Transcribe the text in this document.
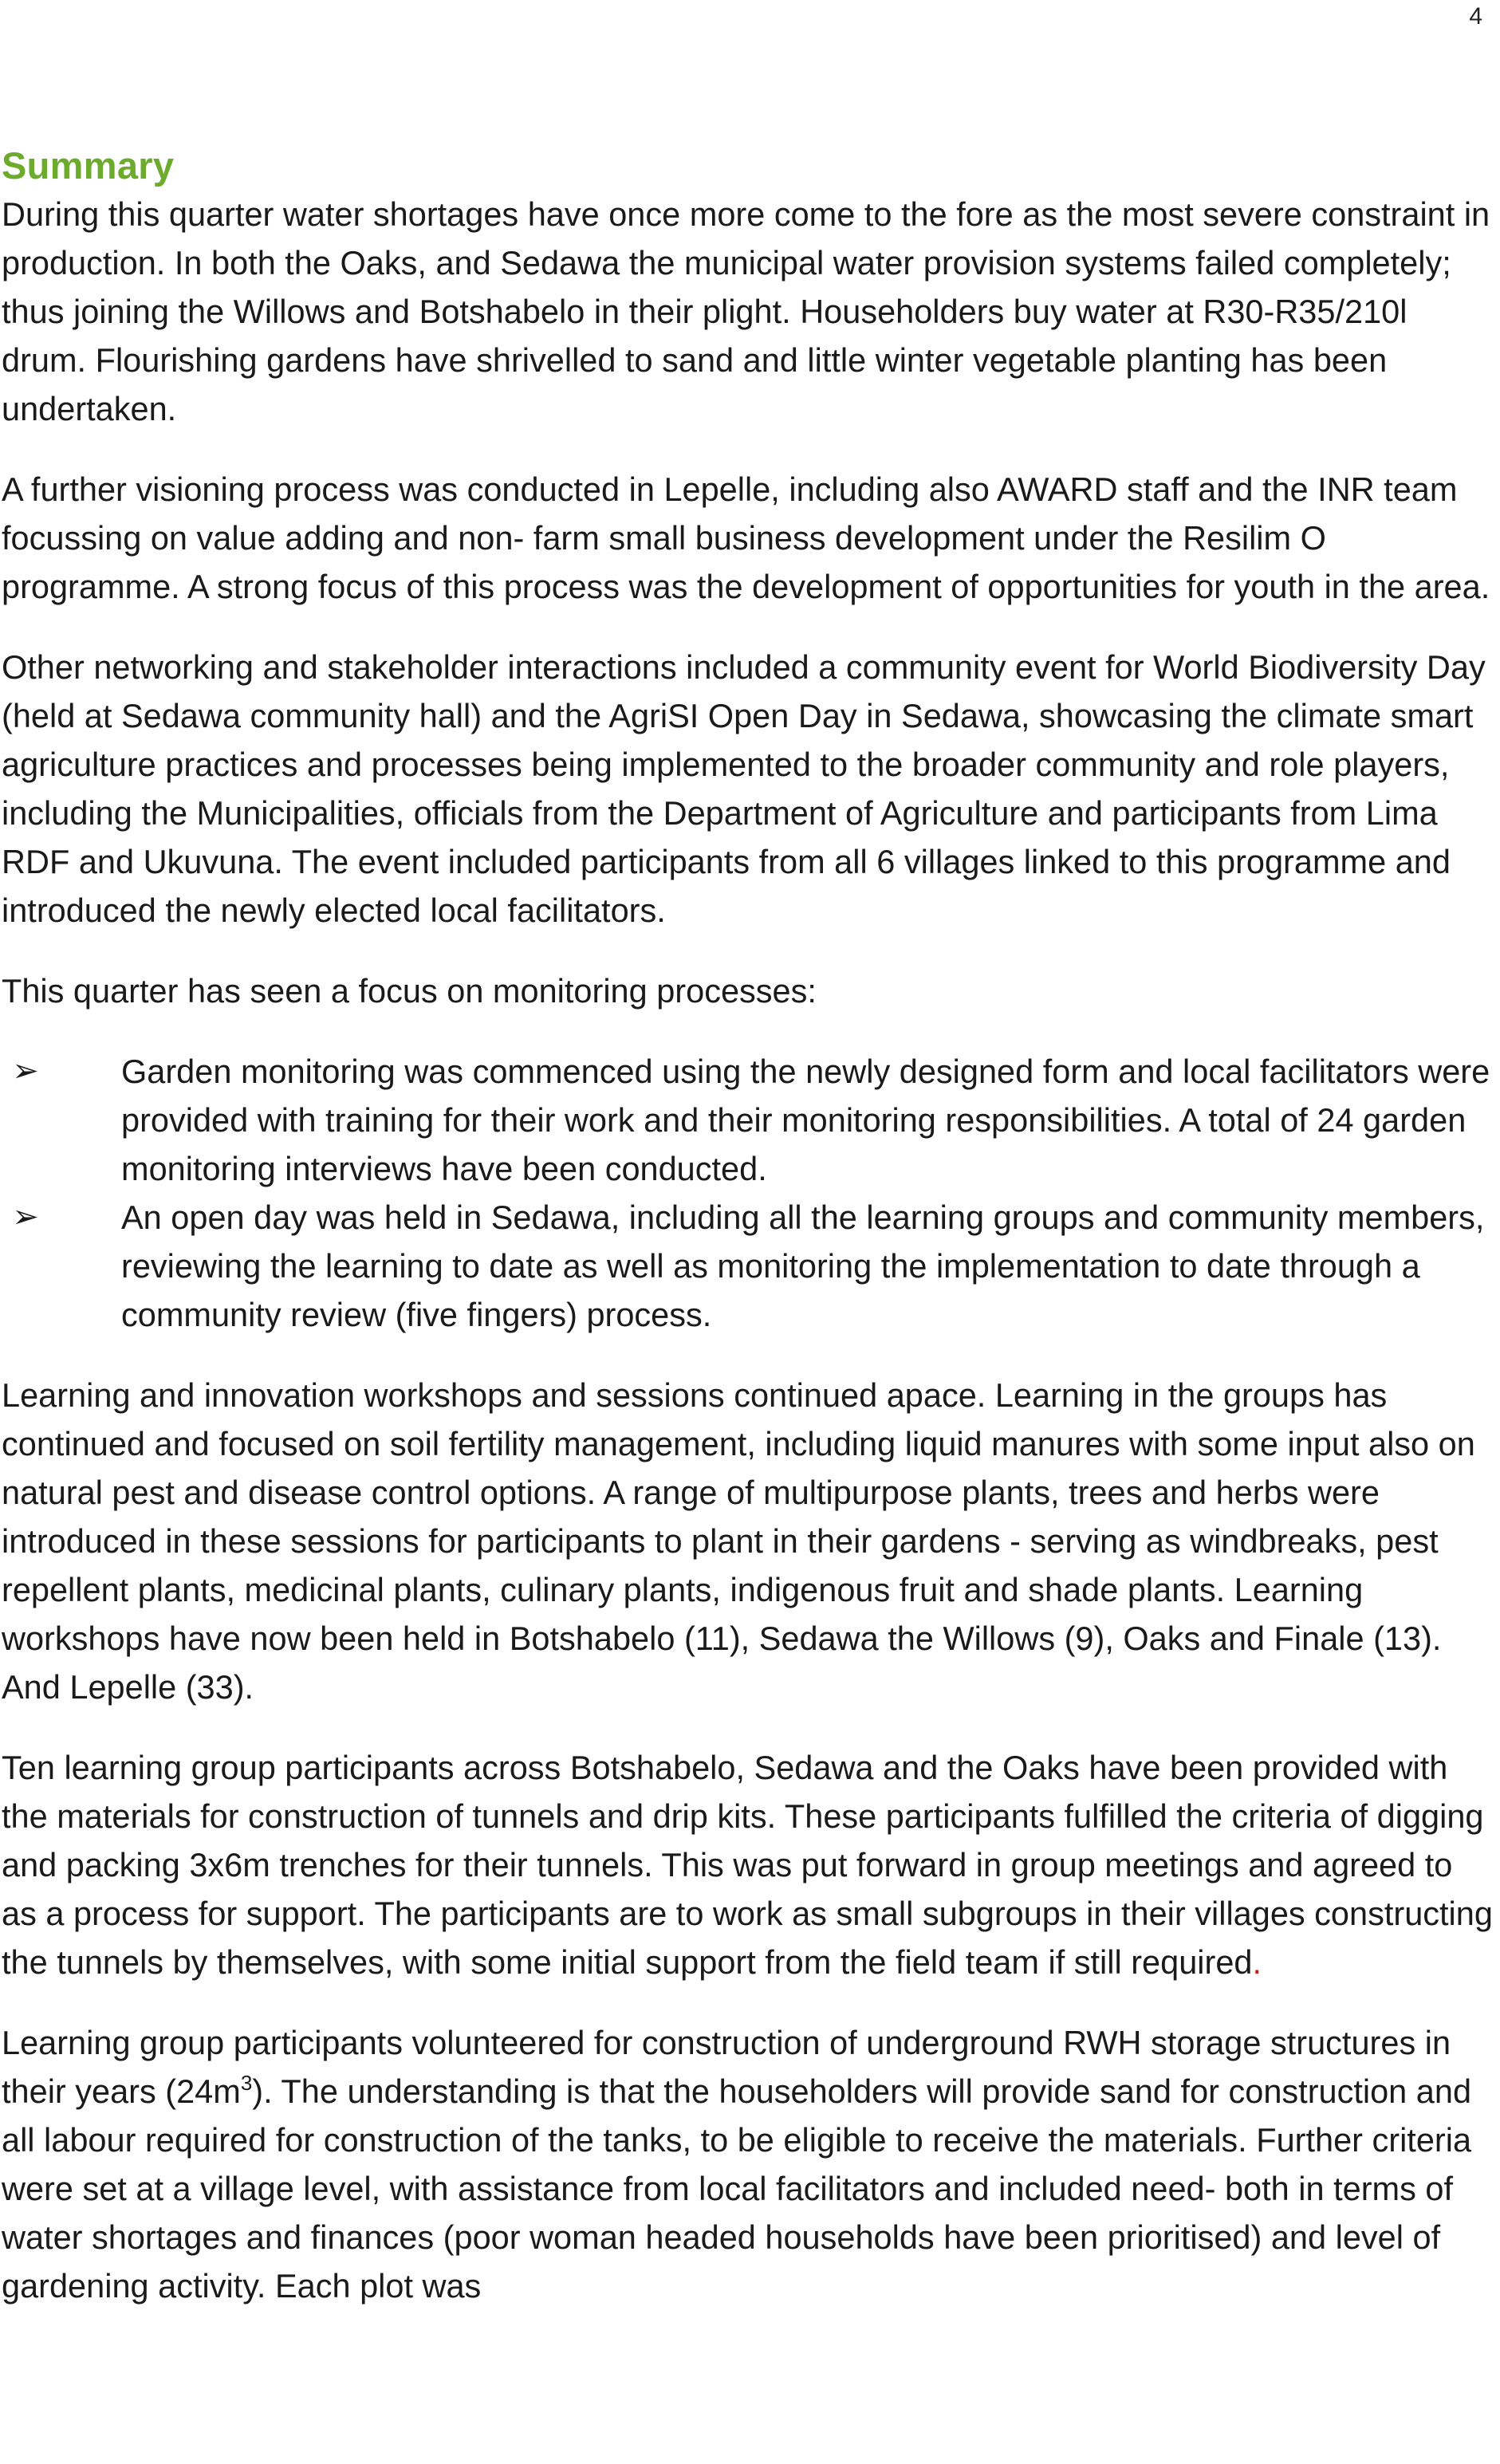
4
Summary

During this quarter water shortages have once more come to the fore as the most severe constraint in production. In both the Oaks, and Sedawa the municipal water provision systems failed completely; thus joining the Willows and Botshabelo in their plight. Householders buy water at R30-R35/210l drum. Flourishing gardens have shrivelled to sand and little winter vegetable planting has been undertaken.

A further visioning process was conducted in Lepelle, including also AWARD staff and the INR team focussing on value adding and non- farm small business development under the Resilim O programme. A strong focus of this process was the development of opportunities for youth in the area.

Other networking and stakeholder interactions included a community event for World Biodiversity Day (held at Sedawa community hall) and the AgriSI Open Day in Sedawa, showcasing the climate smart agriculture practices and processes being implemented to the broader community and role players, including the Municipalities, officials from the Department of Agriculture and participants from Lima RDF and Ukuvuna. The event included participants from all 6 villages linked to this programme and introduced the newly elected local facilitators.

This quarter has seen a focus on monitoring processes:

➢	Garden monitoring was commenced using the newly designed form and local facilitators were provided with training for their work and their monitoring responsibilities. A total of 24 garden monitoring interviews have been conducted.
➢	An open day was held in Sedawa, including all the learning groups and community members, reviewing the learning to date as well as monitoring the implementation to date through a community review (five fingers) process.

Learning and innovation workshops and sessions continued apace. Learning in the groups has continued and focused on soil fertility management, including liquid manures with some input also on natural pest and disease control options. A range of multipurpose plants, trees and herbs were introduced in these sessions for participants to plant in their gardens - serving as windbreaks, pest repellent plants, medicinal plants, culinary plants, indigenous fruit and shade plants. Learning workshops have now been held in Botshabelo (11), Sedawa the Willows (9), Oaks and Finale (13). And Lepelle (33).

Ten learning group participants across Botshabelo, Sedawa and the Oaks have been provided with the materials for construction of tunnels and drip kits. These participants fulfilled the criteria of digging and packing 3x6m trenches for their tunnels. This was put forward in group meetings and agreed to as a process for support. The participants are to work as small subgroups in their villages constructing the tunnels by themselves, with some initial support from the field team if still required.

Learning group participants volunteered for construction of underground RWH storage structures in their years $(24m^3)$. The understanding is that the householders will provide sand for construction and all labour required for construction of the tanks, to be eligible to receive the materials. Further criteria were set at a village level, with assistance from local facilitators and included need- both in terms of water shortages and finances (poor woman headed households have been prioritised) and level of gardening activity. Each plot was
